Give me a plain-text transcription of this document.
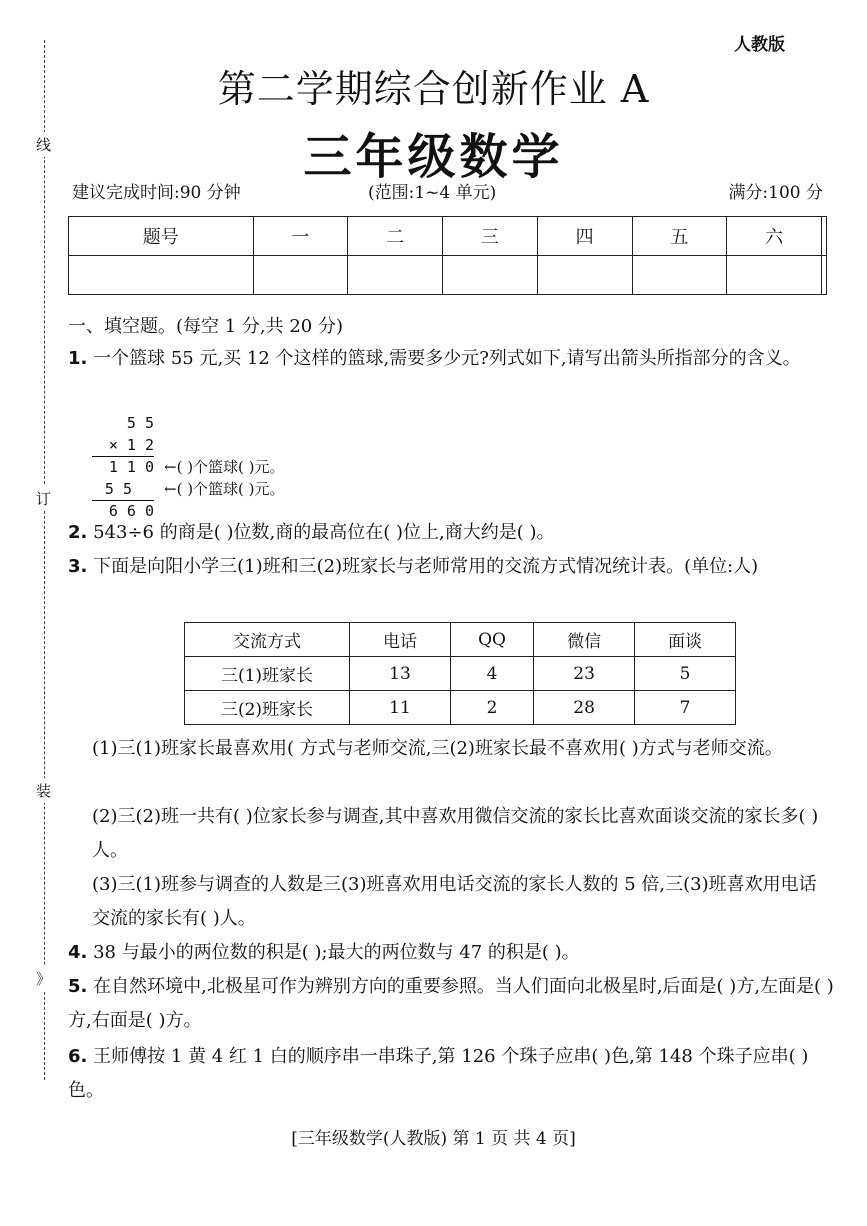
线
订
装
》
人教版
第二学期综合创新作业 A
三年级数学
建议完成时间:90 分钟	(范围:1~4 单元)	满分:100 分
题号	一	二	三	四	五	六	

一、填空题。(每空 1 分,共 20 分)
1. 一个篮球 55 元,买 12 个这样的篮球,需要多少元?列式如下,请写出箭头所指部分的含义。
5 5
× 1 2
1 1 0 ←( )个篮球( )元。
5 5 ←( )个篮球( )元。
6 6 0
2. 543÷6 的商是( )位数,商的最高位在( )位上,商大约是( )。
3. 下面是向阳小学三(1)班和三(2)班家长与老师常用的交流方式情况统计表。(单位:人)
交流方式	电话	QQ	微信	面谈
三(1)班家长	13	4	23	5
三(2)班家长	11	2	28	7
(1)三(1)班家长最喜欢用( 方式与老师交流,三(2)班家长最不喜欢用( )方式与老师交流。
(2)三(2)班一共有( )位家长参与调查,其中喜欢用微信交流的家长比喜欢面谈交流的家长多( )人。
(3)三(1)班参与调查的人数是三(3)班喜欢用电话交流的家长人数的 5 倍,三(3)班喜欢用电话交流的家长有( )人。
4. 38 与最小的两位数的积是( );最大的两位数与 47 的积是( )。
5. 在自然环境中,北极星可作为辨别方向的重要参照。当人们面向北极星时,后面是( )方,左面是( )方,右面是( )方。
6. 王师傅按 1 黄 4 红 1 白的顺序串一串珠子,第 126 个珠子应串( )色,第 148 个珠子应串( )色。
[三年级数学(人教版) 第 1 页 共 4 页]
